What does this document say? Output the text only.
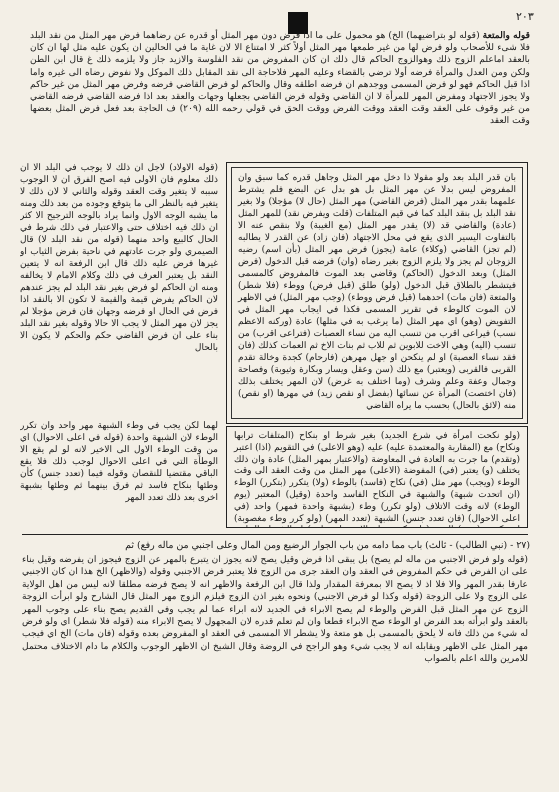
٢٠٣

قوله والمتعة (قوله لو بتراضيهما) الخ) هو محمول على ما اذا فرض دون مهر المثل أو قدره عن رضاهما فرض مهر المثل من نقد البلد فلا شىء للأصحاب ولو فرض لها من غير طمعها مهر المثل أولاً كثر لا امتناع الا لان غاية ما في الحالين ان يكون عليه مثل لها ان كان بالعقد اماعلم الزوج ذلك وهوالزوج الحاكم قال ذلك ان كان المفروض من نقد الفلوسة والازيد جاز ولا يلزمه ذلك غ قال ابن الطن ولكن ومن العدل والمرأة فرضه أولا ترضي بالقضاء وعليه المهر فلاحاجة الى نقد المقابل ذلك الموكل ولا نفوض رضاه الى غيره واما اذا قبل الحاكم فهو لو فرض المسمى ووجدهم ان فرضه اطلقه وقال والحاكم لو فرض القاضي فرضه وفرض مهر المثل من غير حاكم ولا يجوز الاجتهاد ومفرض المهر للمرأة لا ان القاضي وقوله فرض القاضي بجعلها وجهات والعقد بعد اذا فرضه القاضي فرضه القاضي من غير وقوف على العقد وقت العقد ووقت الفرض ووقت الحق في قولي رحمه الله (٢٠٩) ف الحاجة بعد فعل فرض المثل بعضها وقت العقد

بان قدر البلد بعد ولو مقولا ذا دخل مهر المثل وجاهل قدره كما سبق وان المفروض ليس بدلا عن مهر المثل بل هو بدل عن البضع فلم يشترط علمهما بقدر مهر المثل (فرض القاضي) مهر المثل (حال لا) مؤجلا) ولا بغير نقد البلد بل بنقد البلد كما في قيم المتلفات (قلت ويفرض نقد) للمهر المثل (عادة) والقاضي قد (لا) يقدر مهر المثل (مع الغيبة) ولا بنقص عنه الا بالتفاوت اليسير الذي يقع في محل الاجتهاد (فان زاد) عن القدر لا يطالبه (لم تجز) القاضي (وكلاء) عامة (يجوز) فرض مهر المثل (بأن اسم) رضيه الزوجان لم يجز ولا يلزم الزوج بغير رضاه (وان) فرضه قبل الدخول (فرض المثل) وبعد الدخول (الحاكم) وقاضي بعد الموت فالمفروض كالمسمى فيتشطر بالطلاق قبل الدخول (ولو) طلق (قبل فرض) ووطء (فلا شطر) والمتعة (فان مات) احدهما (قبل فرض ووطء) (وجب مهر المثل) في الاظهر لان الموت كالوطء في تقرير المسمى فكذا في ايجاب مهر المثل في التفويض (وهو) اي مهر المثل (ما يرغب به في مثلها) عادة (وركنه الاعظم نسب) فيراعى اقرب من تنسب اليه من نساء العصبات (فتراعى اقرب) من تنسب (اليه) وهي الاخت للابوين ثم للاب ثم بنات الاخ ثم العمات كذلك (فان فقد نساء العصبة) او لم ينكحن او جهل مهرهن (فارحام) كجدة وخالة تقدم القربى فالقربى (ويعتبر) مع ذلك (سن وعقل ويسار وبكارة وثيوبة) وفصاحة وجمال وعفة وعلم وشرف (وما اختلف به غرض) لان المهر يختلف بذلك (فان اختصت) المرأة عن نسائها (بفضل او نقص زيد) في مهرها (او نقص) منه (لائق بالحال) بحسب ما يراه القاضي
(قوله الاولاد) لاجل ان ذلك لا يوجب في البلد الا ان ذلك معلوم فان الاولى فيه اصح الفرق ان لا الوجوب سببه لا يتغير وقت العقد وقوله والثاني لا لان ذلك لا يتغير فيه بالنظر الى ما يتوقع وجوده من بعد ذلك ومنه ما يشبه الوجه الاول وانما يراد بالوجه الترجيح الا كثر ان ذلك فيه اختلاف حتى والاعتبار في ذلك شرط في الحال كالبيع واحد منهما (قوله من نقد البلد لا) قال الصيمري ولو جرت عادتهم في ناحية بفرض الثياب او غيرها فرض عليه ذلك قال ابن الرفعة انه لا يتعين النقد بل يعتبر العرف في ذلك وكلام الامام لا يخالفه ومنه ان الحاكم لو فرض بغير نقد البلد لم يجز عندهم لان الحاكم يفرض قيمة والقيمة لا تكون الا بالنقد اذا فرض في الحال او فرضه وجهان فان فرض مؤجلا لم يجز لان مهر المثل لا يجب الا حالا وقوله بغير نقد البلد بناء على ان فرض القاضي حكم والحكم لا يكون الا بالحال
(ولو نكحت امرأة في شرع الجديد) بغير شرط او بنكاح (المتلفات ترابها ونكاح) مع (المقاربة والمعتمدة عليه) عليه (وهو الاعلى) في التقويم (اذا) اعتبر (وتقدم) ما جرت به العادة في المعاوضة (والاعتبار بمهر المثل) عادة وان ذلك يختلف (و) يعتبر (في) المفوضة (الاعلى) مهر المثل من وقت العقد الى وقت الوطء (ويجب) مهر مثل (في) نكاح (فاسد) بالوطء (ولا) يتكرر (بتكرر) الوطء (ان اتحدت شبهة) والشبهة في النكاح الفاسد واحدة (وقيل) المعتبر (يوم الوطء) لانه وقت الاتلاف (ولو تكرر) وطء (بشبهة واحدة فمهر) واحد (في اعلى الاحوال) (فان تعدد جنس) الشبهة (تعدد المهر) (ولو كرر وطء مغصوبة)
لهما لكن يجب في وطء الشبهة مهر واحد وان تكرر الوطء لان الشبهة واحدة (قوله في اعلى الاحوال) اي من وقت الوطء الاول الى الاخير لانه لو لم يقع الا الوطأة التي في اعلى الاحوال لوجب ذلك فلا يقع الباقي مقتضيا للنقصان وقوله فيما (تعدد جنس) كأن وطئها بنكاح فاسد ثم فرق بينهما ثم وطئها بشبهة اخرى بعد ذلك تعدد المهر
(٢٧ - (نبي الطالب) - ثالث) باب مما دامه من باب الجوار الرضيع ومن المال وعلى اجنبي من ماله رفع) ثم

(قوله ولو فرض الاجنبي من ماله لم يصح) بل يبقى اذا فرض وقيل يصح لانه يجوز ان يتبرع بالمهر عن الزوج فيجوز ان يفرضه وقيل بناء على ان الفرض في حكم المفروض في العقد وان العقد جرى من الزوج فلا يعتبر فرض الاجنبي وقوله (والاظهر) الخ هذا ان كان الاجنبي عارفا بقدر المهر والا فلا اذ لا يصح الا بمعرفة المقدار ولذا قال ابن الرفعة والاظهر انه لا يصح فرضه مطلقا لانه ليس من اهل الولاية على الزوج ولا على الزوجة (قوله وكذا لو فرض الاجنبي) ونحوه بغير اذن الزوج فيلزم الزوج مهر المثل قال الشارح ولو ابرأت الزوجة الزوج عن مهر المثل قبل الفرض والوطء لم يصح الابراء في الجديد لانه ابراء عما لم يجب وفي القديم يصح بناء على وجوب المهر بالعقد ولو ابرأته بعد الفرض او الوطء صح الابراء قطعا وان لم تعلم قدره لان المجهول لا يصح الابراء منه (قوله فلا شطر) اي ولو فرض له شيء من ذلك فانه لا يلحق بالمسمى بل هو متعة ولا يشطر الا المسمى في العقد او المفروض بعده وقوله (فان مات) الخ اي فيجب مهر المثل على الاظهر ويقابله انه لا يجب شيء وهو الراجح في الروضة وقال الشيخ ان الاظهر الوجوب والكلام ما دام الاختلاف محتمل للامرين والله اعلم بالصواب
